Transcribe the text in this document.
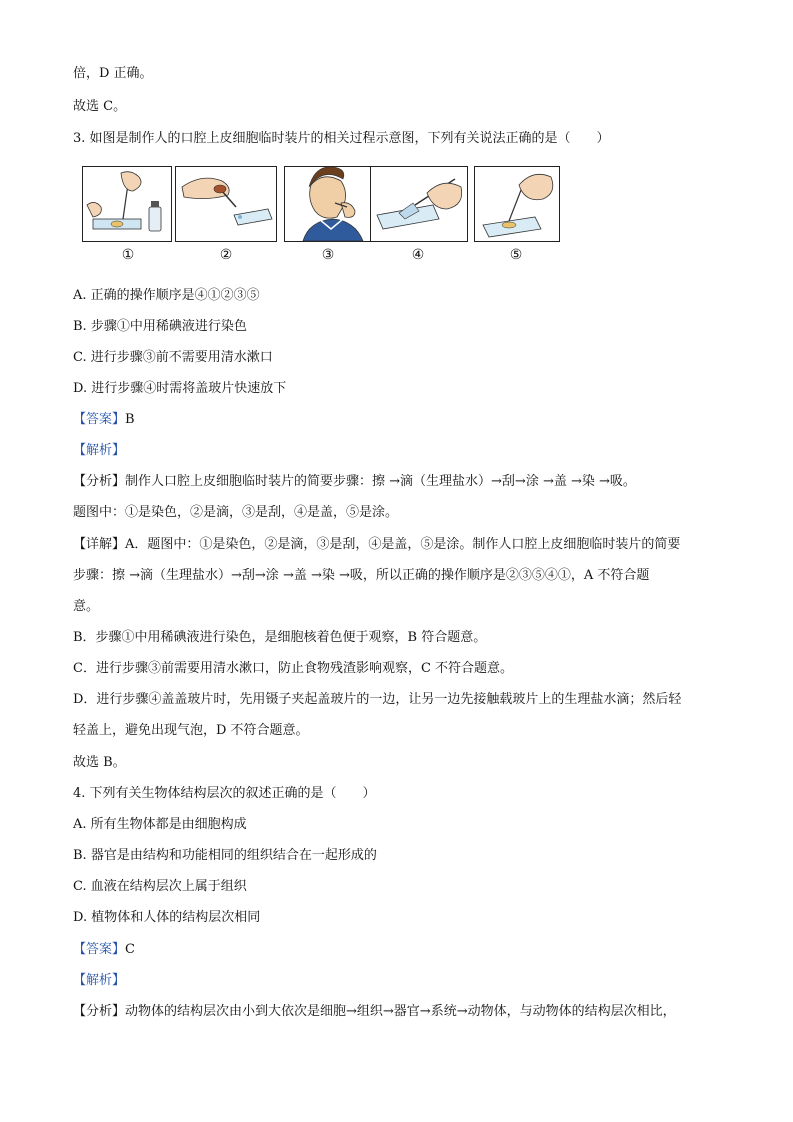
倍，D 正确。
故选 C。
3. 如图是制作人的口腔上皮细胞临时装片的相关过程示意图，下列有关说法正确的是（　　）
①	②	③	④	⑤
A. 正确的操作顺序是④①②③⑤
B. 步骤①中用稀碘液进行染色
C. 进行步骤③前不需要用清水漱口
D. 进行步骤④时需将盖玻片快速放下
【答案】B
【解析】
【分析】制作人口腔上皮细胞临时装片的简要步骤：擦 →滴（生理盐水）→刮→涂 →盖 →染 →吸。
题图中：①是染色，②是滴，③是刮，④是盖，⑤是涂。
【详解】A．题图中：①是染色，②是滴，③是刮，④是盖，⑤是涂。制作人口腔上皮细胞临时装片的简要
步骤：擦 →滴（生理盐水）→刮→涂 →盖 →染 →吸，所以正确的操作顺序是②③⑤④①，A 不符合题
意。
B．步骤①中用稀碘液进行染色，是细胞核着色便于观察，B 符合题意。
C．进行步骤③前需要用清水漱口，防止食物残渣影响观察，C 不符合题意。
D．进行步骤④盖盖玻片时，先用镊子夹起盖玻片的一边，让另一边先接触载玻片上的生理盐水滴；然后轻
轻盖上，避免出现气泡，D 不符合题意。
故选 B。
4. 下列有关生物体结构层次的叙述正确的是（　　）
A. 所有生物体都是由细胞构成
B. 器官是由结构和功能相同的组织结合在一起形成的
C. 血液在结构层次上属于组织
D. 植物体和人体的结构层次相同
【答案】C
【解析】
【分析】动物体的结构层次由小到大依次是细胞→组织→器官→系统→动物体，与动物体的结构层次相比，
